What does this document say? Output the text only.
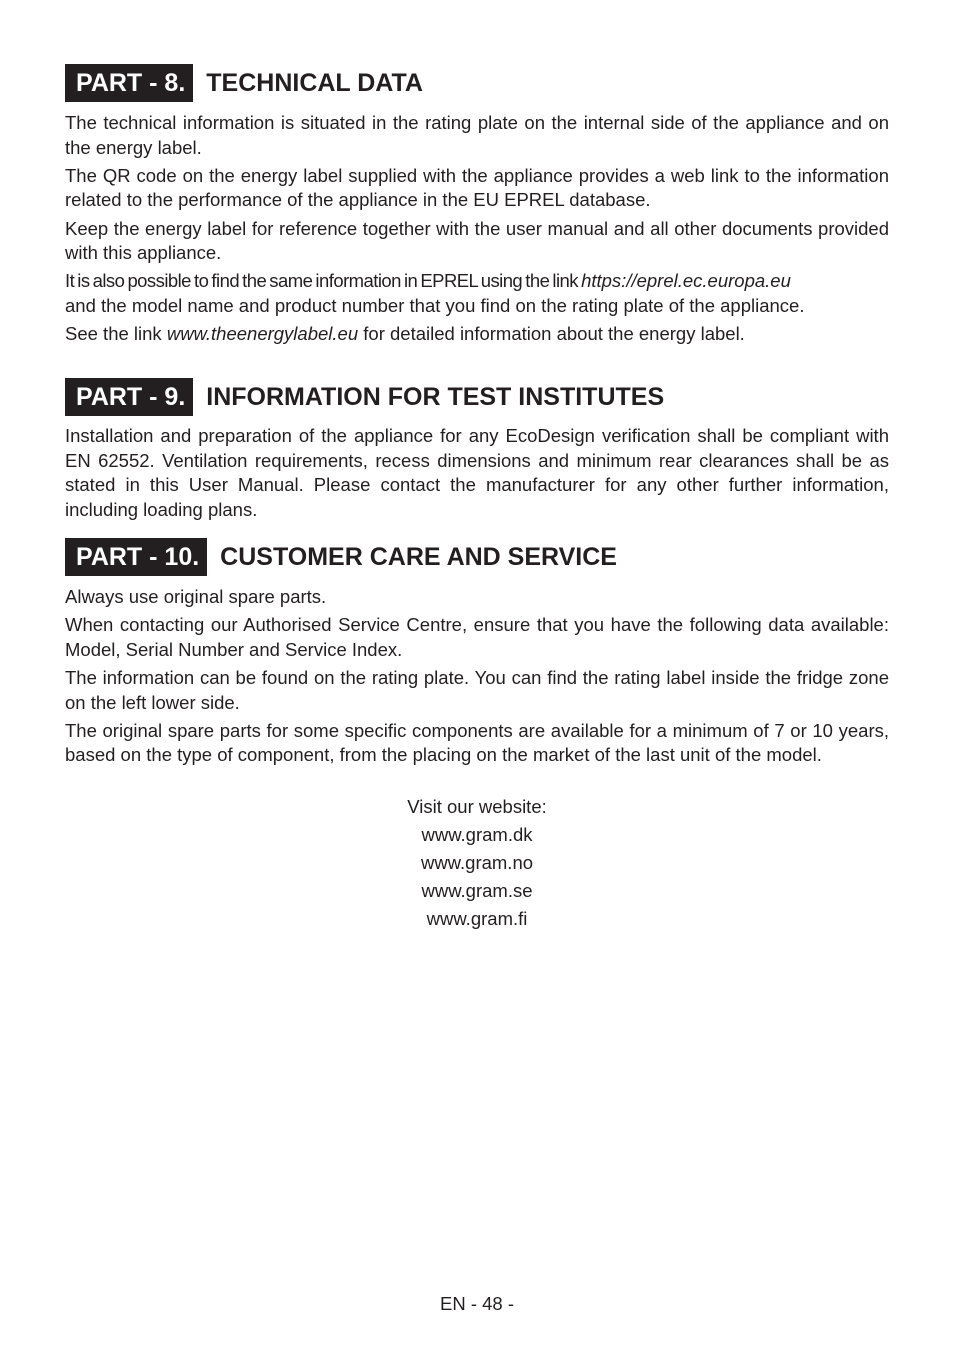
PART - 8. TECHNICAL DATA

The technical information is situated in the rating plate on the internal side of the appliance and on the energy label.

The QR code on the energy label supplied with the appliance provides a web link to the information related to the performance of the appliance in the EU EPREL database.

Keep the energy label for reference together with the user manual and all other documents provided with this appliance.

It is also possible to find the same information in EPREL using the link https://eprel.ec.europa.eu
and the model name and product number that you find on the rating plate of the appliance.

See the link www.theenergylabel.eu for detailed information about the energy label.

PART - 9. INFORMATION FOR TEST INSTITUTES

Installation and preparation of the appliance for any EcoDesign verification shall be compliant with EN 62552. Ventilation requirements, recess dimensions and minimum rear clearances shall be as stated in this User Manual. Please contact the manufacturer for any other further information, including loading plans.

PART - 10. CUSTOMER CARE AND SERVICE

Always use original spare parts.

When contacting our Authorised Service Centre, ensure that you have the following data available: Model, Serial Number and Service Index.

The information can be found on the rating plate. You can find the rating label inside the fridge zone on the left lower side.

The original spare parts for some specific components are available for a minimum of 7 or 10 years, based on the type of component, from the placing on the market of the last unit of the model.

Visit our website:
www.gram.dk
www.gram.no
www.gram.se
www.gram.fi
EN - 48 -
